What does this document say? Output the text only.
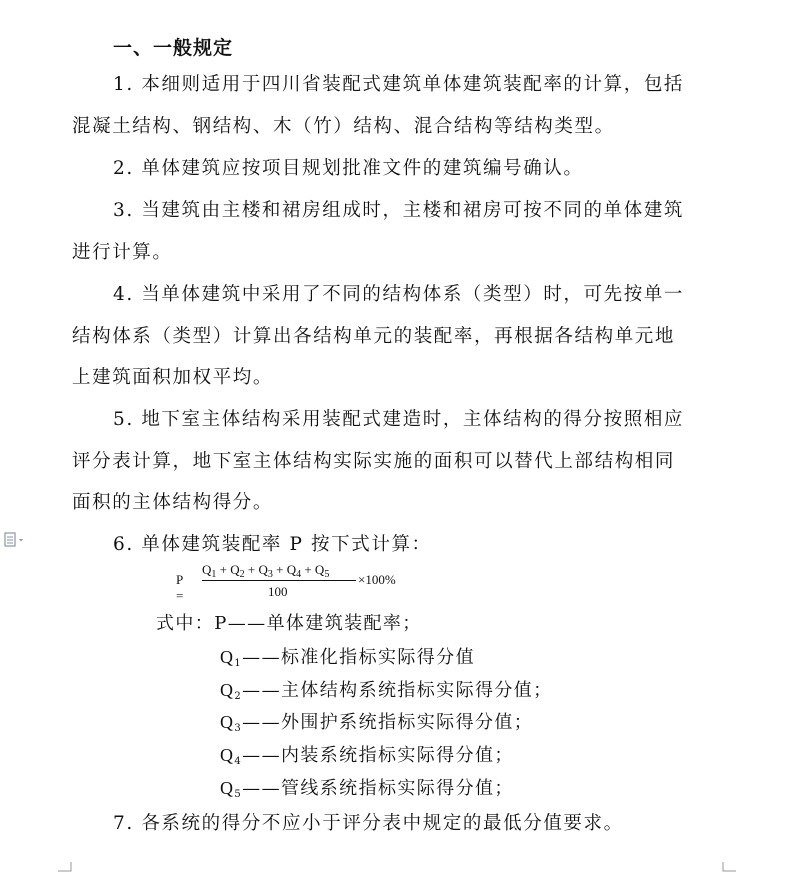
一、一般规定
1. 本细则适用于四川省装配式建筑单体建筑装配率的计算，包括
混凝土结构、钢结构、木（竹）结构、混合结构等结构类型。
2. 单体建筑应按项目规划批准文件的建筑编号确认。
3. 当建筑由主楼和裙房组成时，主楼和裙房可按不同的单体建筑
进行计算。
4. 当单体建筑中采用了不同的结构体系（类型）时，可先按单一
结构体系（类型）计算出各结构单元的装配率，再根据各结构单元地
上建筑面积加权平均。
5. 地下室主体结构采用装配式建造时，主体结构的得分按照相应
评分表计算，地下室主体结构实际实施的面积可以替代上部结构相同
面积的主体结构得分。
6. 单体建筑装配率 P 按下式计算：
P =
$Q_1 + Q_2 + Q_3 + Q_4 + Q_5$
100
×100%
式中：P——单体建筑装配率；
$Q_1——$标准化指标实际得分值
$Q_2——$主体结构系统指标实际得分值；
$Q_3——$外围护系统指标实际得分值；
$Q_4——$内装系统指标实际得分值；
$Q_5——$管线系统指标实际得分值；
7. 各系统的得分不应小于评分表中规定的最低分值要求。
